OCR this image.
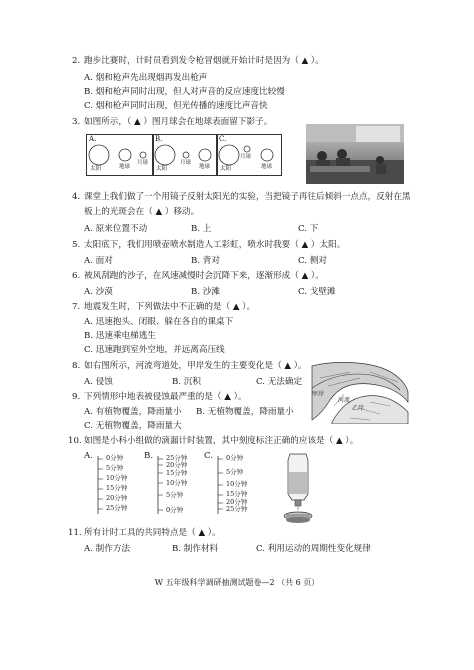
2. 跑步比赛时，计时员看到发令枪冒烟就开始计时是因为（ ▲ ）。
A. 烟和枪声先出现烟再发出枪声
B. 烟和枪声同时出现，但人对声音的反应速度比较慢
C. 烟和枪声同时出现，但光传播的速度比声音快
3. 如图所示，（ ▲ ）图月球会在地球表面留下影子。
A.
太阳	地球
月球
B.
太阳
月球
地球
C.
太阳
月球
地球
4. 课堂上我们做了一个用镜子反射太阳光的实验，当把镜子再往后倾斜一点点，反射在黑
板上的光斑会在（ ▲ ）移动。
A. 原来位置不动	B. 上	C. 下
5. 太阳底下，我们用喷壶喷水制造人工彩虹，喷水时我要（ ▲ ）太阳。
A. 面对	B. 背对	C. 侧对
6. 被风刮跑的沙子，在风速减慢时会沉降下来，逐渐形成（ ▲ ）。
A. 沙漠	B. 沙滩	C. 戈壁滩
7. 地震发生时，下列做法中不正确的是（ ▲ ）。
A. 迅速抱头、闭眼、躲在各自的课桌下
B. 迅速乘电梯逃生
C. 迅速跑到室外空地，并远离高压线
8. 如右图所示，河流弯道处，甲岸发生的主要变化是（ ▲ ）。
A. 侵蚀	B. 沉积	C. 无法确定
甲岸
河流
乙岸
9. 下列情形中地表被侵蚀最严重的是（ ▲ ）。
A. 有植物覆盖，降雨量小 B. 无植物覆盖，降雨量小
C. 无植物覆盖，降雨量大
10. 如图是小科小组做的滴漏计时装置，其中刻度标注正确的应该是（ ▲ ）。
A. 0分钟
5分钟
10分钟
15分钟
20分钟
25分钟
B. 25分钟
20分钟
15分钟
10分钟
5分钟
0分钟
C. 0分钟
5分钟
10分钟
15分钟
20分钟
25分钟
11. 所有计时工具的共同特点是（ ▲ ）。
A. 制作方法	B. 制作材料	C. 利用运动的周期性变化规律
W 五年级科学调研抽测试题卷—2 （共 6 页）
